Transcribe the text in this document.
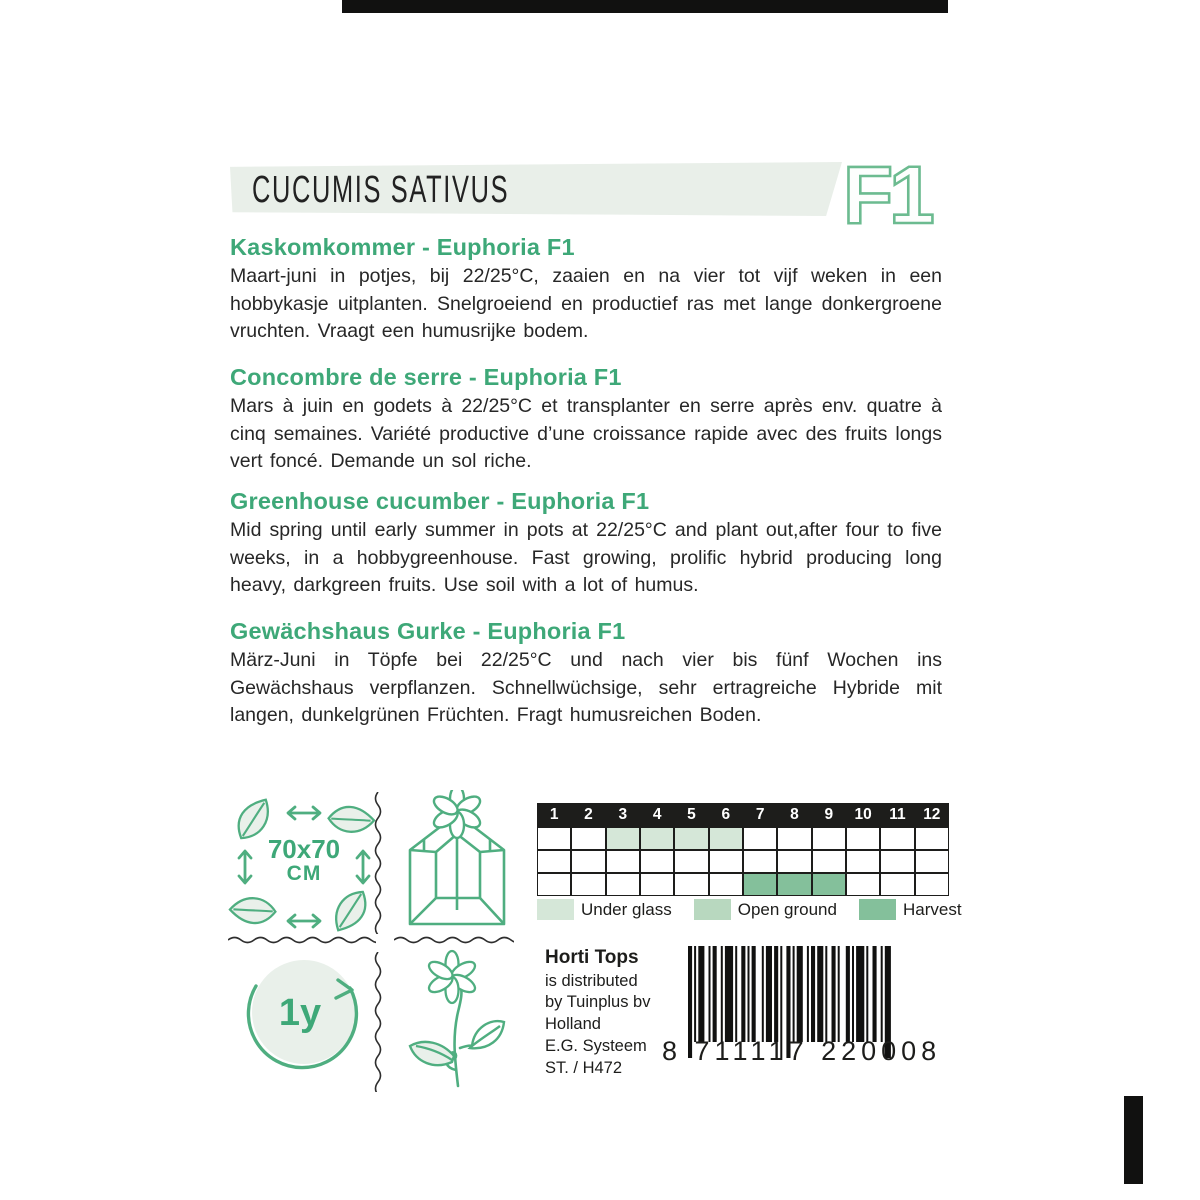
CUCUMIS SATIVUS	F1
Kaskomkommer - Euphoria F1
Maart-juni in potjes, bij 22/25°C, zaaien en na vier tot vijf weken in een hobbykasje uitplanten. Snelgroeiend en productief ras met lange donkergroene vruchten. Vraagt een humusrijke bodem.
Concombre de serre - Euphoria F1
Mars à juin en godets à 22/25°C et transplanter en serre après env. quatre à cinq semaines. Variété productive d’une croissance rapide avec des fruits longs vert foncé. Demande un sol riche.
Greenhouse cucumber - Euphoria F1
Mid spring until early summer in pots at 22/25°C and plant out,after four to five weeks, in a hobbygreenhouse. Fast growing, prolific hybrid producing long heavy, darkgreen fruits. Use soil with a lot of humus.
Gewächshaus Gurke - Euphoria F1
März-Juni in Töpfe bei 22/25°C und nach vier bis fünf Wochen ins Gewächshaus verpflanzen. Schnellwüchsige, sehr ertragreiche Hybride mit langen, dunkelgrünen Früchten. Fragt humusreichen Boden.
70x70
CM
1	2	3	4	5	6	7	8	9	10	11	12
Under glass	Open ground	Harvest
1y
Horti Tops
is distributed
by Tuinplus bv
Holland
E.G. Systeem
ST. / H472
8 711117 220008
